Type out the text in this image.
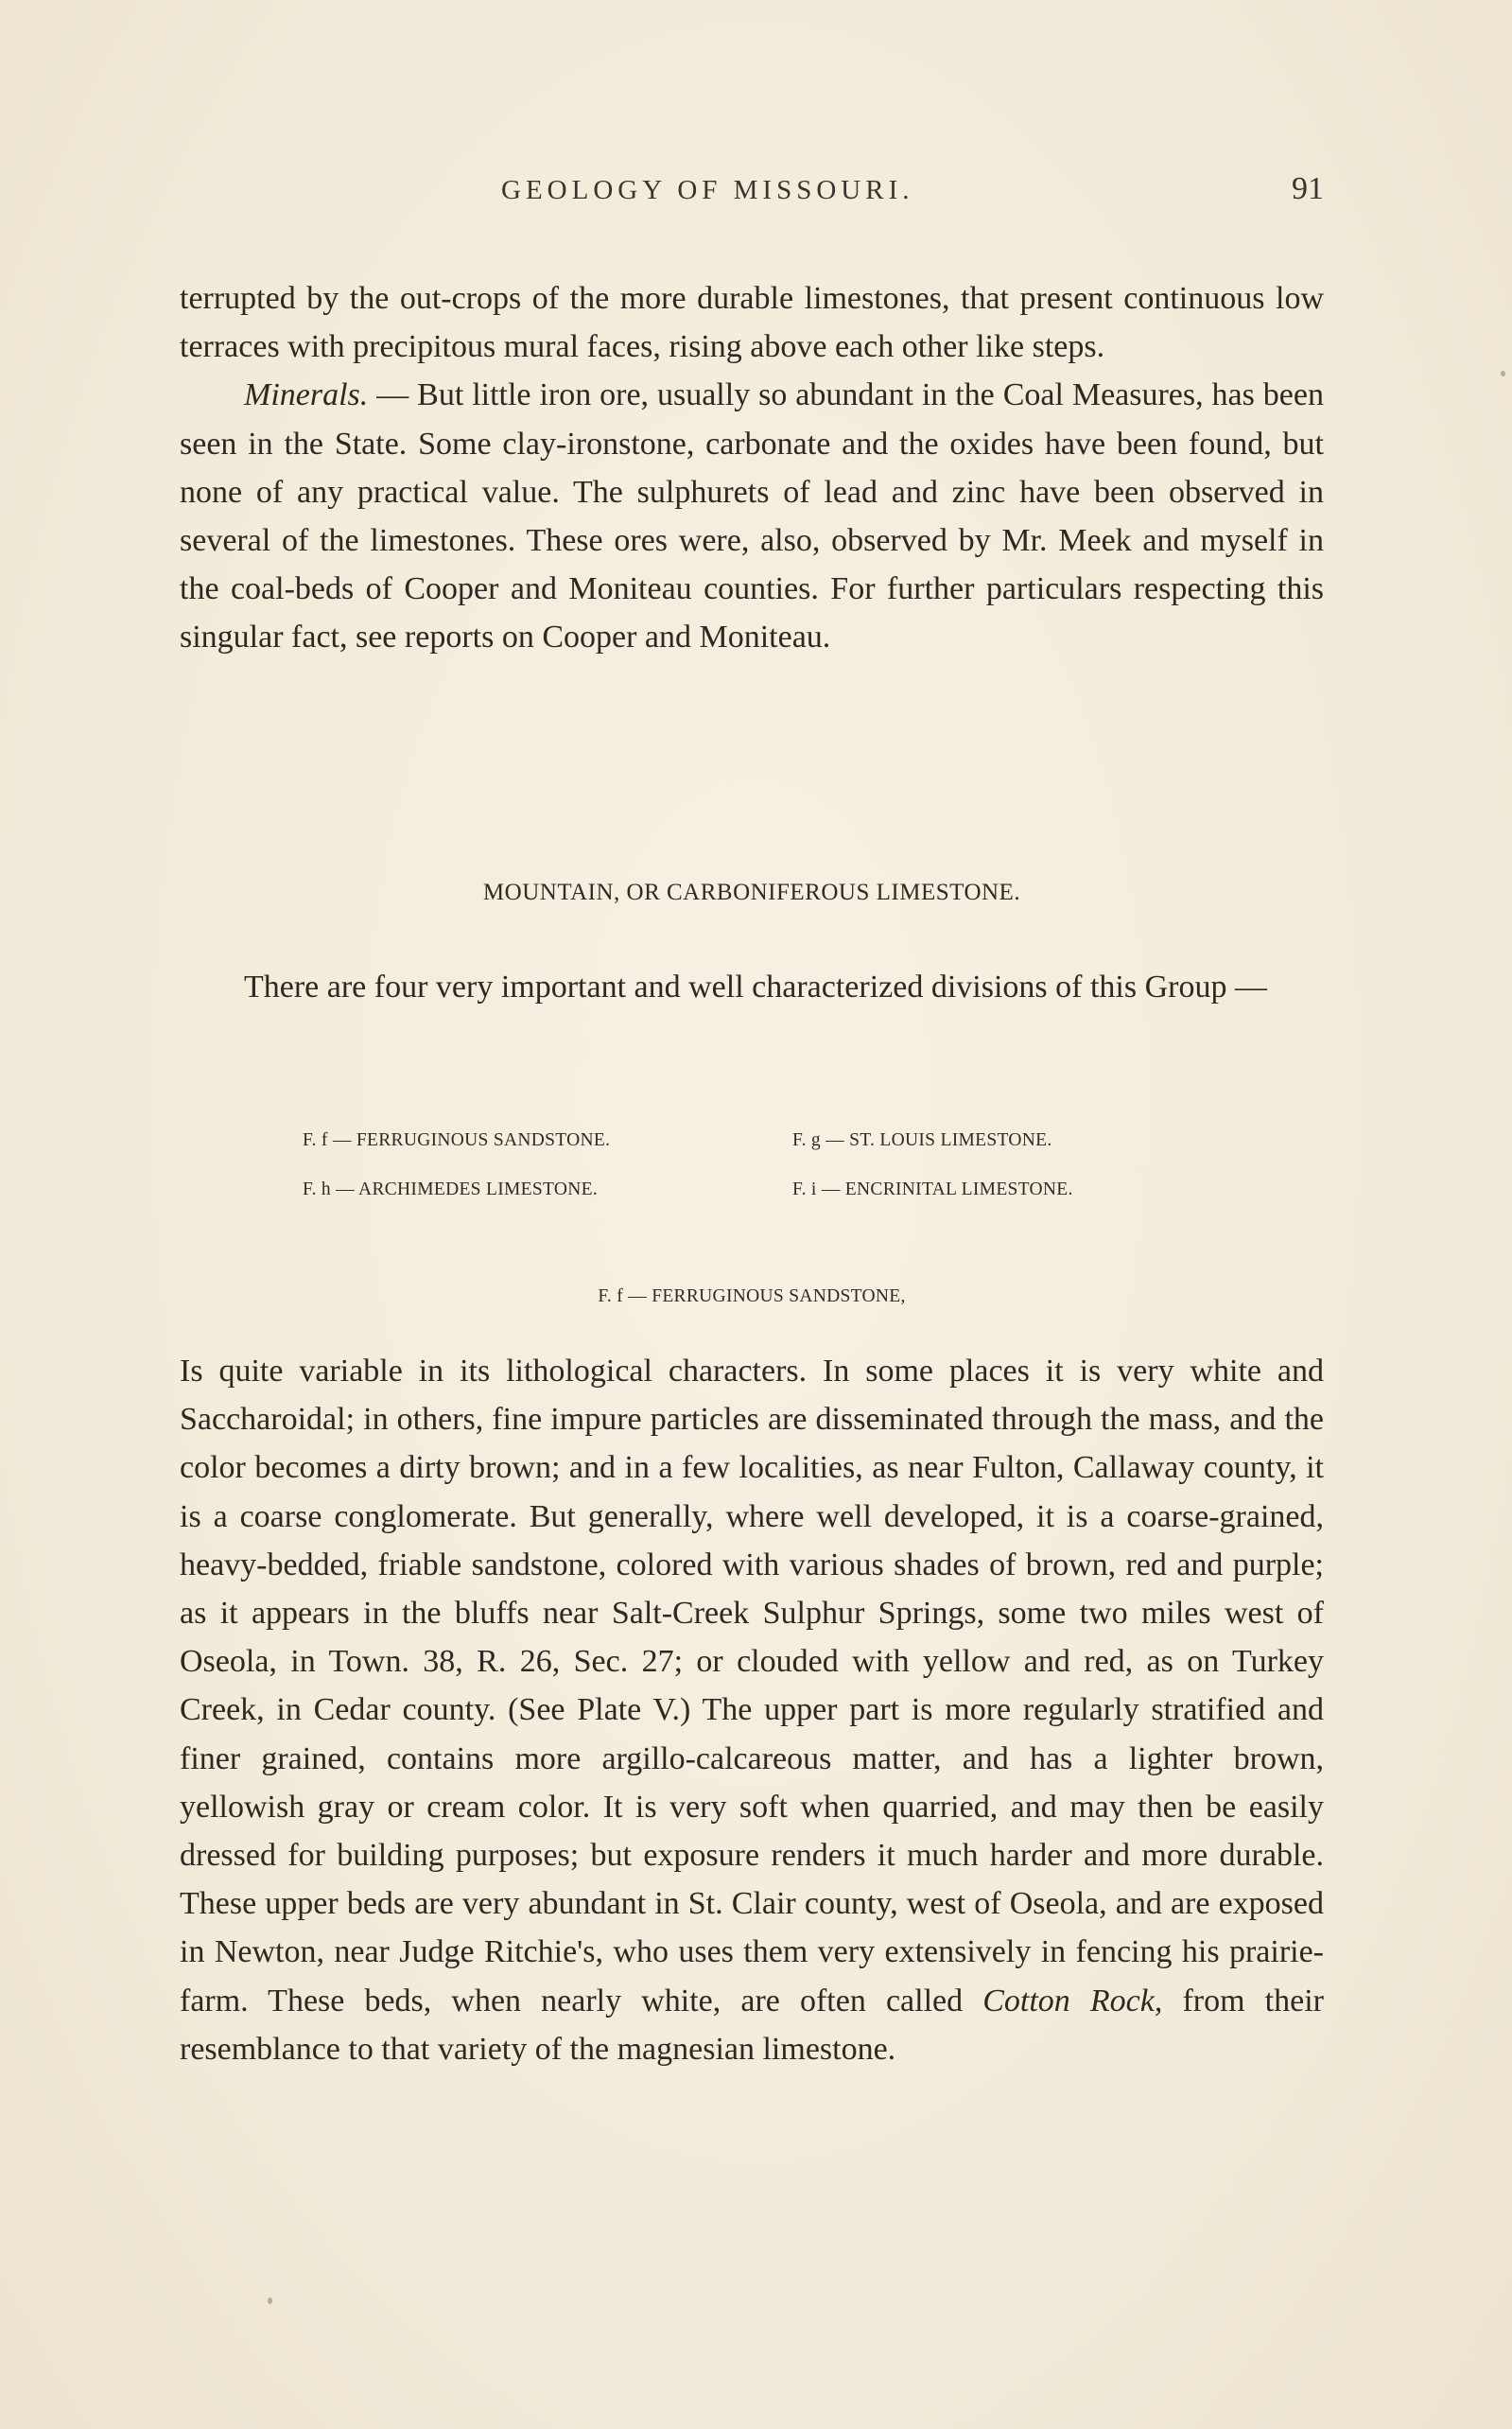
GEOLOGY OF MISSOURI.	91

terrupted by the out-crops of the more durable limestones, that present continuous low terraces with precipitous mural faces, rising above each other like steps.

Minerals. — But little iron ore, usually so abundant in the Coal Measures, has been seen in the State. Some clay-ironstone, carbonate and the oxides have been found, but none of any practical value. The sulphurets of lead and zinc have been observed in several of the limestones. These ores were, also, observed by Mr. Meek and myself in the coal-beds of Cooper and Moniteau counties. For further particulars respecting this singular fact, see reports on Cooper and Moniteau.

MOUNTAIN, OR CARBONIFEROUS LIMESTONE.

There are four very important and well characterized divisions of this Group —

F. f — FERRUGINOUS SANDSTONE.	F. g — ST. LOUIS LIMESTONE.
F. h — ARCHIMEDES LIMESTONE.	F. i — ENCRINITAL LIMESTONE.
F. f — FERRUGINOUS SANDSTONE,

Is quite variable in its lithological characters. In some places it is very white and Saccharoidal; in others, fine impure particles are disseminated through the mass, and the color becomes a dirty brown; and in a few localities, as near Fulton, Callaway county, it is a coarse conglomerate. But generally, where well developed, it is a coarse-grained, heavy-bedded, friable sandstone, colored with various shades of brown, red and purple; as it appears in the bluffs near Salt-Creek Sulphur Springs, some two miles west of Oseola, in Town. 38, R. 26, Sec. 27; or clouded with yellow and red, as on Turkey Creek, in Cedar county. (See Plate V.) The upper part is more regularly stratified and finer grained, contains more argillo-calcareous matter, and has a lighter brown, yellowish gray or cream color. It is very soft when quarried, and may then be easily dressed for building purposes; but exposure renders it much harder and more durable. These upper beds are very abundant in St. Clair county, west of Oseola, and are exposed in Newton, near Judge Ritchie's, who uses them very extensively in fencing his prairie-farm. These beds, when nearly white, are often called Cotton Rock, from their resemblance to that variety of the magnesian limestone.
